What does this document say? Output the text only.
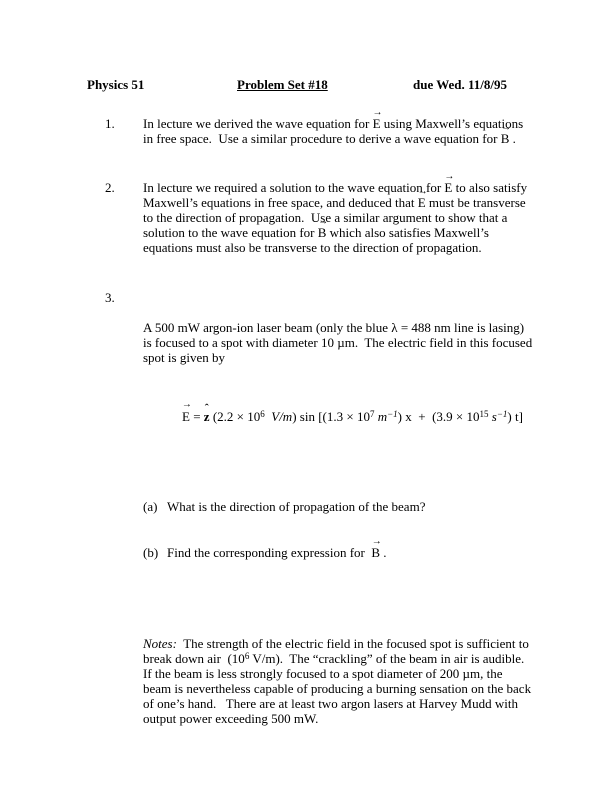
Physics 51	Problem Set #18	due Wed. 11/8/95
1.	In lecture we derived the wave equation for E → using Maxwell’s equations in free space.  Use a similar procedure to derive a wave equation for B → .
2.	In lecture we required a solution to the wave equation for E → to also satisfy Maxwell’s equations in free space, and deduced that E → must be transverse to the direction of propagation.  Use a similar argument to show that a solution to the wave equation for B → which also satisfies Maxwell’s equations must also be transverse to the direction of propagation.
3.

A 500 mW argon-ion laser beam (only the blue λ = 488 nm line is lasing) is focused to a spot with diameter 10 µm.  The electric field in this focused spot is given by

E → = z ˆ ($2.2 \times 10^6$ V/m) $\sin [(1.3 \times 10^7$ $m^{-1}$) $x + (3.9 \times 10^{15}$ $s^{-1}$) t]

(a) What is the direction of propagation of the beam?

(b) Find the corresponding expression for  B → .

Notes:  The strength of the electric field in the focused spot is sufficient to break down air  ($10^6$ V/m).  The “crackling” of the beam in air is audible.  If the beam is less strongly focused to a spot diameter of 200 µm, the beam is nevertheless capable of producing a burning sensation on the back of one’s hand.   There are at least two argon lasers at Harvey Mudd with output power exceeding 500 mW.
